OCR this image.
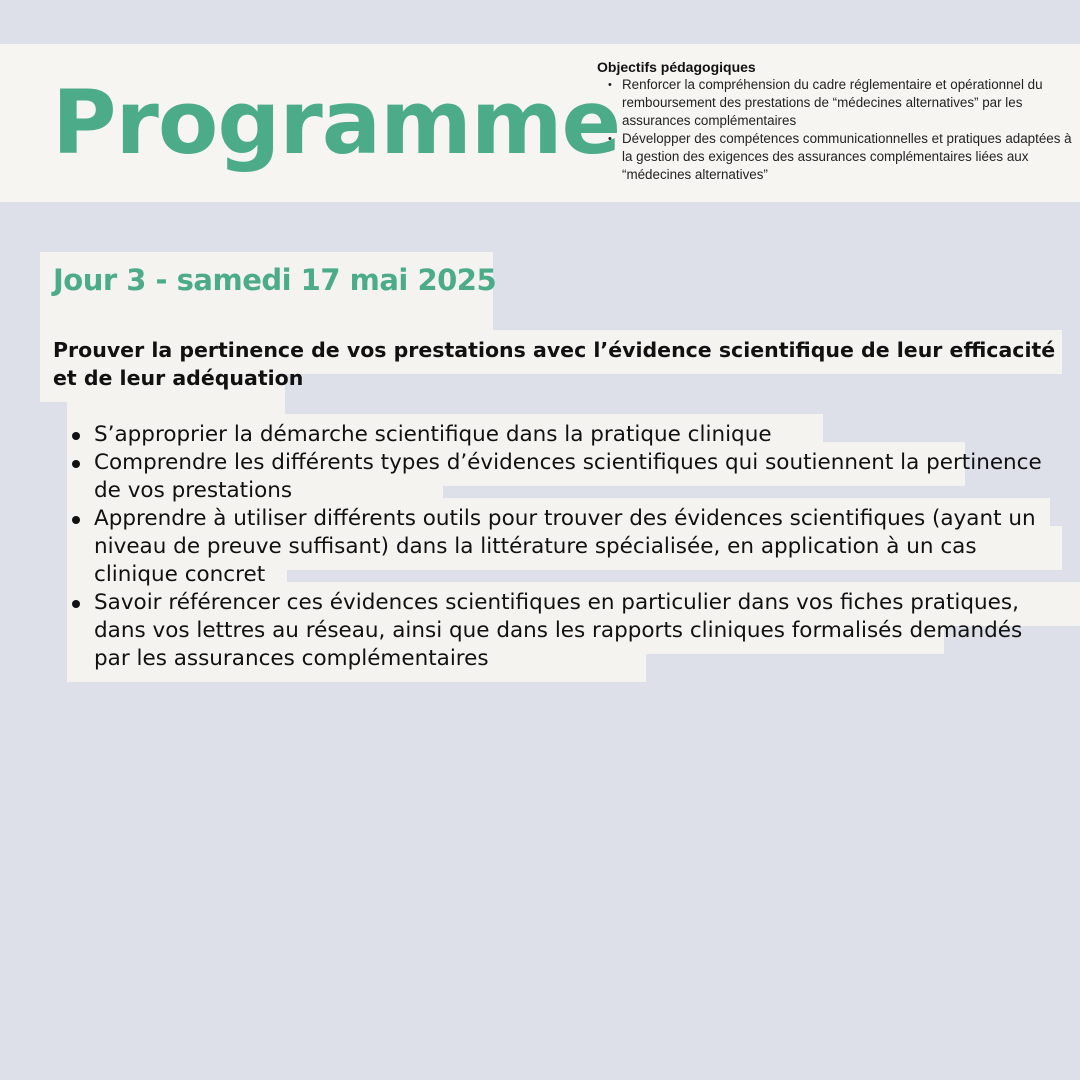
Programme
Objectifs pédagogiques
• Renforcer la compréhension du cadre réglementaire et opérationnel du remboursement des prestations de “médecines alternatives” par les assurances complémentaires
• Développer des compétences communicationnelles et pratiques adaptées à la gestion des exigences des assurances complémentaires liées aux “médecines alternatives”
Jour 3 - samedi 17 mai 2025

Prouver la pertinence de vos prestations avec l’évidence scientifique de leur efficacité et de leur adéquation

S’approprier la démarche scientifique dans la pratique clinique
Comprendre les différents types d’évidences scientifiques qui soutiennent la pertinence de vos prestations
Apprendre à utiliser différents outils pour trouver des évidences scientifiques (ayant un niveau de preuve suffisant) dans la littérature spécialisée, en application à un cas clinique concret
Savoir référencer ces évidences scientifiques en particulier dans vos fiches pratiques, dans vos lettres au réseau, ainsi que dans les rapports cliniques formalisés demandés par les assurances complémentaires
